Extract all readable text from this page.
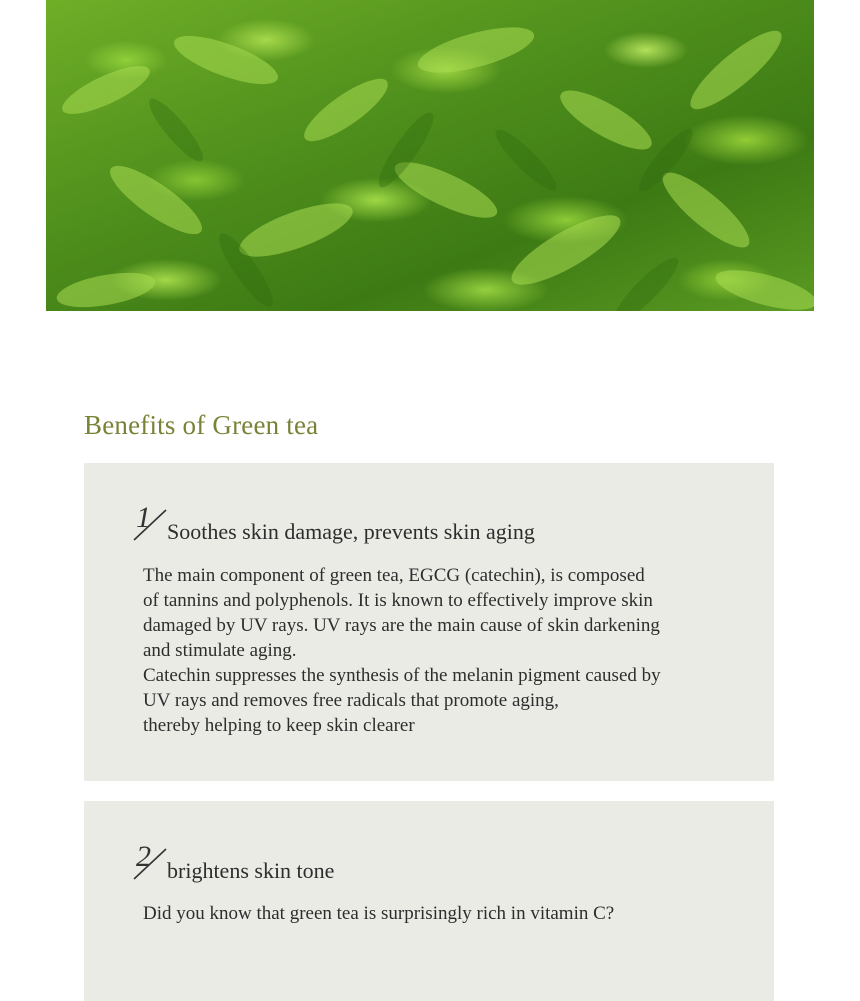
Benefits of Green tea
1 Soothes skin damage, prevents skin aging

The main component of green tea, EGCG (catechin), is composed
of tannins and polyphenols. It is known to effectively improve skin
damaged by UV rays. UV rays are the main cause of skin darkening
and stimulate aging.
Catechin suppresses the synthesis of the melanin pigment caused by
UV rays and removes free radicals that promote aging,
thereby helping to keep skin clearer

2 brightens skin tone

Did you know that green tea is surprisingly rich in vitamin C?
